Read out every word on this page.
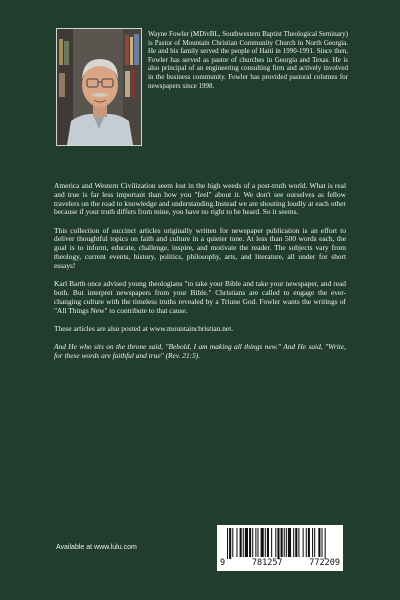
Wayne Fowler (MDivBL, Southwestern Baptist Theological Seminary) is Pastor of Mountain Christian Community Church in North Georgia. He and his family served the people of Haiti in 1990-1991. Since then, Fowler has served as pastor of churches in Georgia and Texas. He is also principal of an engineering consulting firm and actively involved in the business community. Fowler has provided pastoral columns for newspapers since 1998.

America and Western Civilization seem lost in the high weeds of a post-truth world. What is real and true is far less important than how you "feel" about it. We don't see ourselves as fellow travelers on the road to knowledge and understanding.Instead we are shouting loudly at each other because if your truth differs from mine, you have no right to be heard. So it seems.

This collection of succinct articles originally written for newspaper publication is an effort to deliver thoughtful topics on faith and culture in a quieter tone. At less than 500 words each, the goal is to inform, educate, challenge, inspire, and motivate the reader. The subjects vary from theology, current events, history, politics, philosophy, arts, and literature, all under for short essays!

Karl Barth once advised young theologians "to take your Bible and take your newspaper, and read both. But interpret newspapers from your Bible." Christians are called to engage the ever-changing culture with the timeless truths revealed by a Triune God. Fowler wants the writings of "All Things New" to contribute to that cause.

These articles are also posted at www.mountainchristian.net.

And He who sits on the throne said, "Behold, I am making all things new." And He said, "Write, for these words are faithful and true" (Rev. 21:5).

Available at www.lulu.com
9	781257	772209
